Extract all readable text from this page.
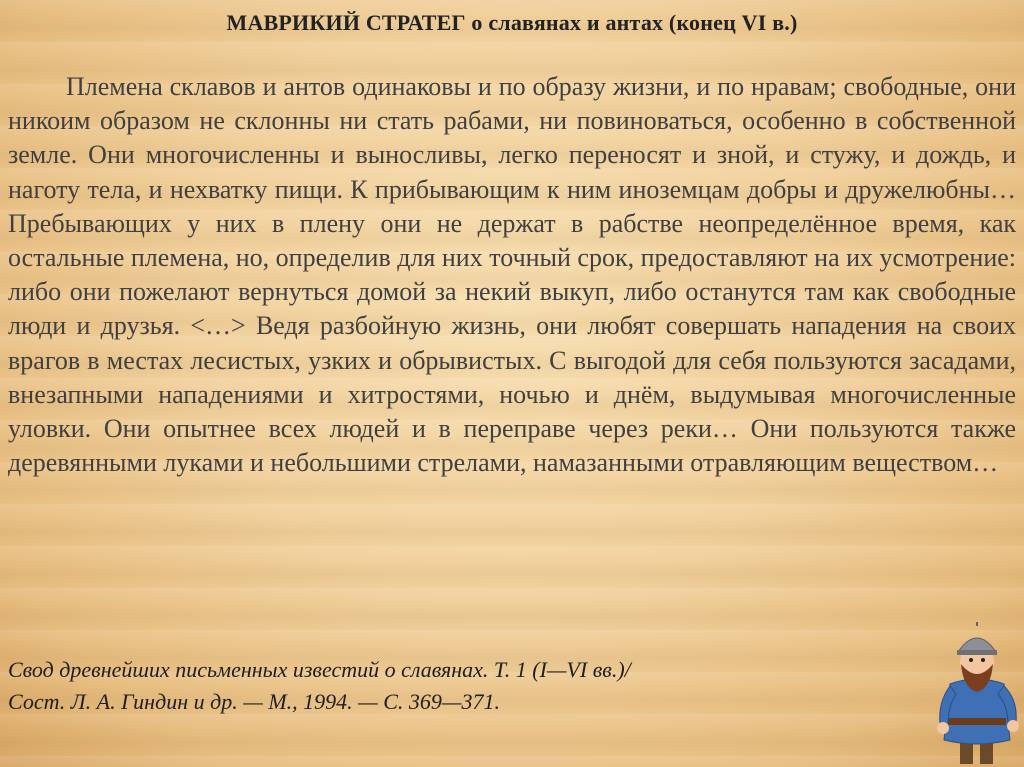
МАВРИКИЙ СТРАТЕГ о славянах и антах (конец VI в.)

Племена склавов и антов одинаковы и по образу жизни, и по нравам; свободные, они никоим образом не склонны ни стать рабами, ни повиноваться, особенно в собственной земле. Они многочисленны и выносливы, легко переносят и зной, и стужу, и дождь, и наготу тела, и нехватку пищи. К прибывающим к ним иноземцам добры и дружелюбны… Пребывающих у них в плену они не держат в рабстве неопределённое время, как остальные племена, но, определив для них точный срок, предоставляют на их усмотрение: либо они пожелают вернуться домой за некий выкуп, либо останутся там как свободные люди и друзья. <…> Ведя разбойную жизнь, они любят совершать нападения на своих врагов в местах лесистых, узких и обрывистых. С выгодой для себя пользуются засадами, внезапными нападениями и хитростями, ночью и днём, выдумывая многочисленные уловки. Они опытнее всех людей и в переправе через реки… Они пользуются также деревянными луками и небольшими стрелами, намазанными отравляющим веществом…

Свод древнейших письменных известий о славянах. Т. 1 (I—VI вв.)/
Сост. Л. А. Гиндин и др. — М., 1994. — С. 369—371.
